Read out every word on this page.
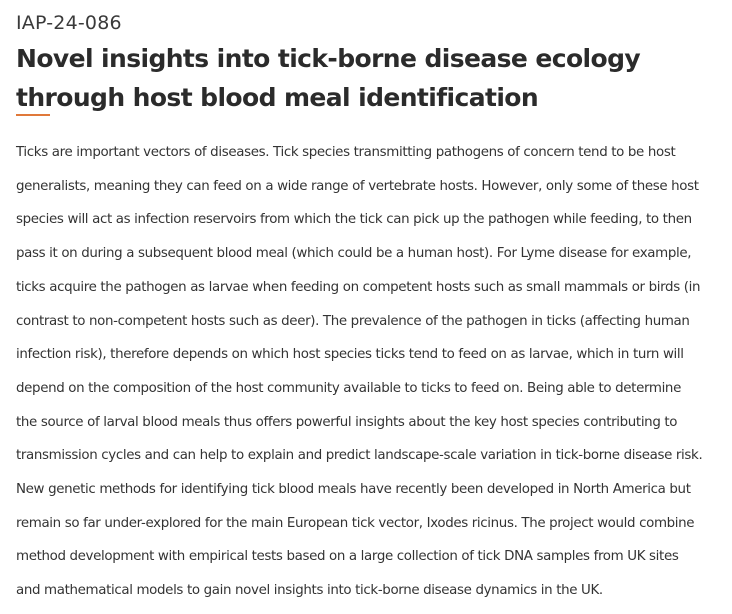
IAP-24-086
Novel insights into tick-borne disease ecology through host blood meal identification

Ticks are important vectors of diseases. Tick species transmitting pathogens of concern tend to be host
generalists, meaning they can feed on a wide range of vertebrate hosts. However, only some of these host
species will act as infection reservoirs from which the tick can pick up the pathogen while feeding, to then
pass it on during a subsequent blood meal (which could be a human host). For Lyme disease for example,
ticks acquire the pathogen as larvae when feeding on competent hosts such as small mammals or birds (in
contrast to non-competent hosts such as deer). The prevalence of the pathogen in ticks (affecting human
infection risk), therefore depends on which host species ticks tend to feed on as larvae, which in turn will
depend on the composition of the host community available to ticks to feed on. Being able to determine
the source of larval blood meals thus offers powerful insights about the key host species contributing to
transmission cycles and can help to explain and predict landscape-scale variation in tick-borne disease risk.
New genetic methods for identifying tick blood meals have recently been developed in North America but
remain so far under-explored for the main European tick vector, Ixodes ricinus. The project would combine
method development with empirical tests based on a large collection of tick DNA samples from UK sites
and mathematical models to gain novel insights into tick-borne disease dynamics in the UK.
